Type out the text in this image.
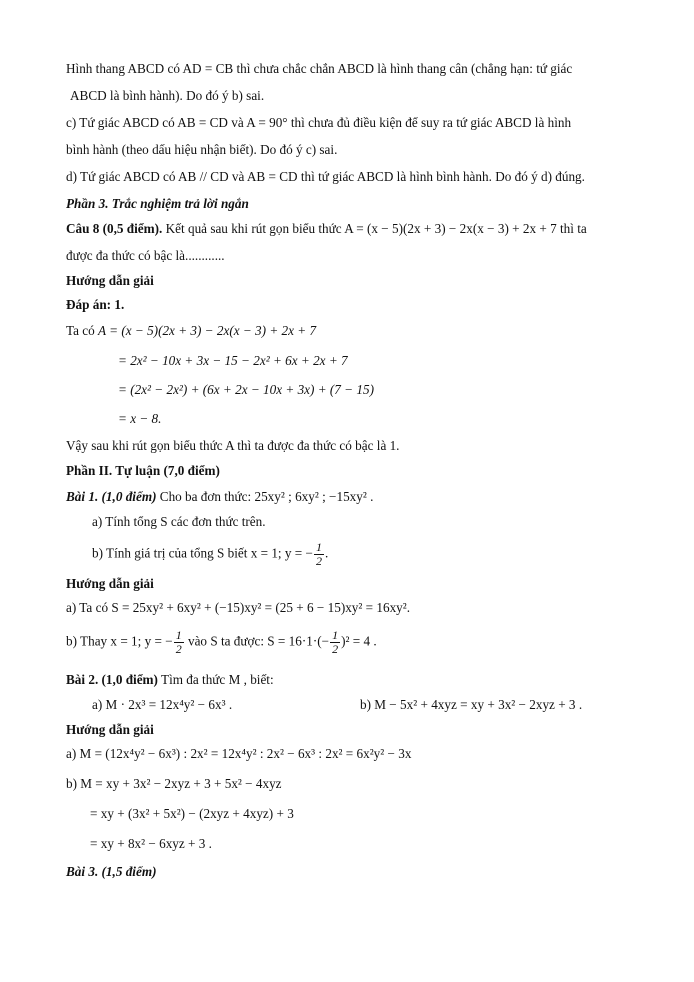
Hình thang ABCD có AD = CB thì chưa chắc chắn ABCD là hình thang cân (chẳng hạn: tứ giác

ABCD là bình hành). Do đó ý b) sai.

c) Tứ giác ABCD có AB = CD và A = 90° thì chưa đủ điều kiện để suy ra tứ giác ABCD là hình

bình hành (theo dấu hiệu nhận biết). Do đó ý c) sai.

d) Tứ giác ABCD có AB // CD và AB = CD thì tứ giác ABCD là hình bình hành. Do đó ý d) đúng.

Phần 3. Trắc nghiệm trả lời ngắn

Câu 8 (0,5 điểm). Kết quả sau khi rút gọn biểu thức A = (x − 5)(2x + 3) − 2x(x − 3) + 2x + 7 thì ta

được đa thức có bậc là............

Hướng dẫn giải

Đáp án: 1.

Ta có A = (x − 5)(2x + 3) − 2x(x − 3) + 2x + 7

= 2x² − 10x + 3x − 15 − 2x² + 6x + 2x + 7

= (2x² − 2x²) + (6x + 2x − 10x + 3x) + (7 − 15)

= x − 8.

Vậy sau khi rút gọn biểu thức A thì ta được đa thức có bậc là 1.

Phần II. Tự luận (7,0 điểm)

Bài 1. (1,0 điểm) Cho ba đơn thức: 25xy² ; 6xy² ; −15xy² .

a) Tính tổng S các đơn thức trên.

b) Tính giá trị của tổng S biết x = 1; y = − $\frac{1}{2}$ .

Hướng dẫn giải

a) Ta có S = 25xy² + 6xy² + (−15)xy² = (25 + 6 − 15)xy² = 16xy².

b) Thay x = 1; y = − $\frac{1}{2}$ vào S ta được: $S = 16\cdot 1\cdot(- \frac{1}{2} )^2 = 4$ .

Bài 2. (1,0 điểm) Tìm đa thức M , biết:

a) M · 2x³ = 12x⁴y² − 6x³ .	b) M − 5x² + 4xyz = xy + 3x² − 2xyz + 3 .

Hướng dẫn giải

a) M = (12x⁴y² − 6x³) : 2x² = 12x⁴y² : 2x² − 6x³ : 2x² = 6x²y² − 3x

b) M = xy + 3x² − 2xyz + 3 + 5x² − 4xyz

= xy + (3x² + 5x²) − (2xyz + 4xyz) + 3

= xy + 8x² − 6xyz + 3 .

Bài 3. (1,5 điểm)
